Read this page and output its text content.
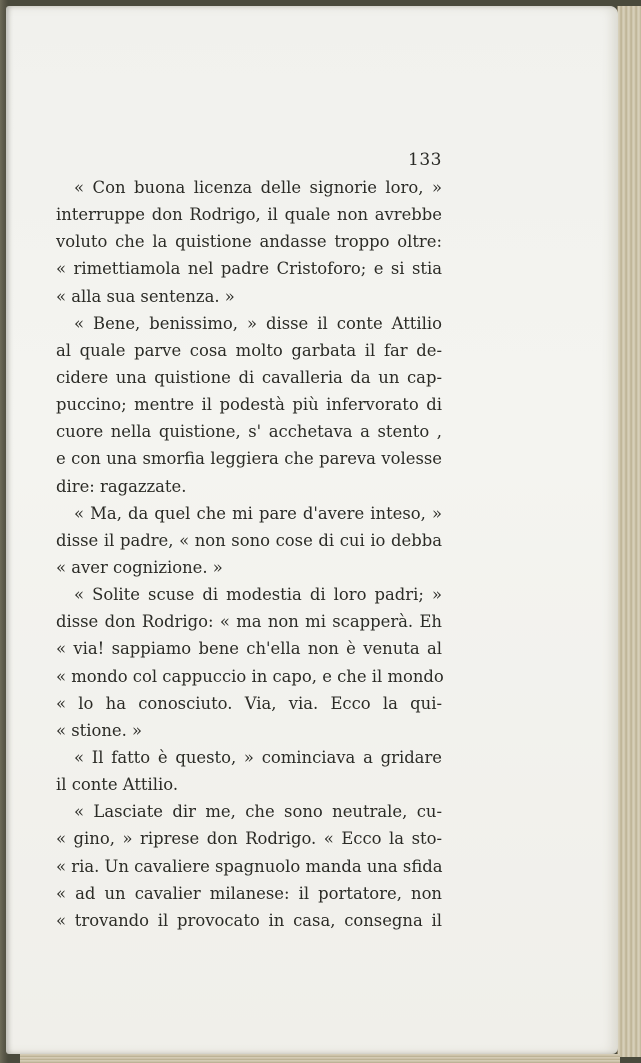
133
« Con buona licenza delle signorie loro, »
interruppe don Rodrigo, il quale non avrebbe
voluto che la quistione andasse troppo oltre:
« rimettiamola nel padre Cristoforo; e si stia
« alla sua sentenza. »
« Bene, benissimo, » disse il conte Attilio
al quale parve cosa molto garbata il far de-
cidere una quistione di cavalleria da un cap-
puccino; mentre il podestà più infervorato di
cuore nella quistione, s' acchetava a stento ,
e con una smorfia leggiera che pareva volesse
dire: ragazzate.
« Ma, da quel che mi pare d'avere inteso, »
disse il padre, « non sono cose di cui io debba
« aver cognizione. »
« Solite scuse di modestia di loro padri; »
disse don Rodrigo: « ma non mi scapperà. Eh
« via! sappiamo bene ch'ella non è venuta al
« mondo col cappuccio in capo, e che il mondo
« lo ha conosciuto. Via, via. Ecco la qui-
« stione. »
« Il fatto è questo, » cominciava a gridare
il conte Attilio.
« Lasciate dir me, che sono neutrale, cu-
« gino, » riprese don Rodrigo. « Ecco la sto-
« ria. Un cavaliere spagnuolo manda una sfida
« ad un cavalier milanese: il portatore, non
« trovando il provocato in casa, consegna il
